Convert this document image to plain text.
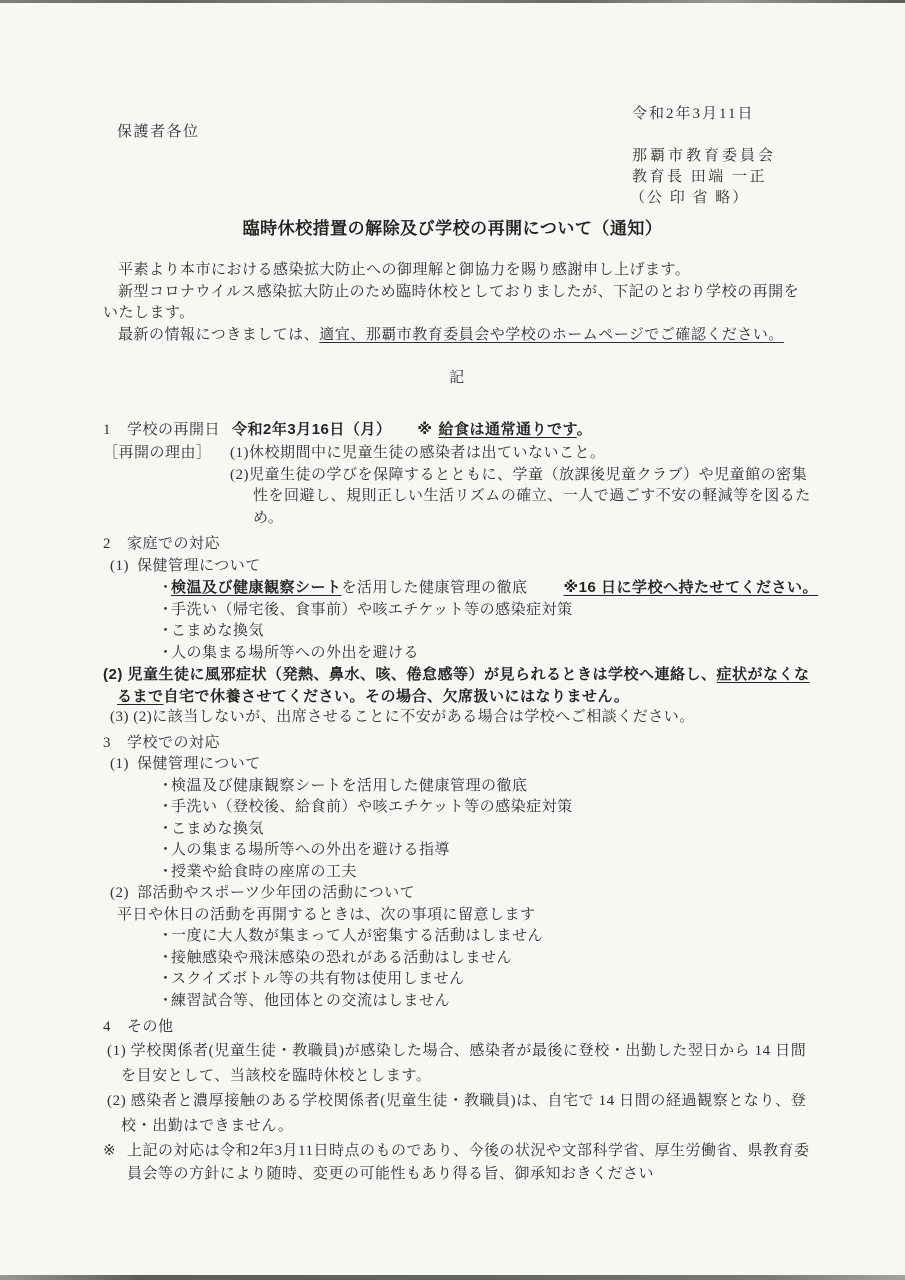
令和2年3月11日
保護者各位
那覇市教育委員会
教育長 田端 一正
（公 印 省 略）
臨時休校措置の解除及び学校の再開について（通知）
平素より本市における感染拡大防止への御理解と御協力を賜り感謝申し上げます。
新型コロナウイルス感染拡大防止のため臨時休校としておりましたが、下記のとおり学校の再開をいたします。
最新の情報につきましては、適宜、那覇市教育委員会や学校のホームページでご確認ください。
記
1 学校の再開日 令和2年3月16日（月） ※ 給食は通常通りです。
［再開の理由］	(1)休校期間中に児童生徒の感染者は出ていないこと。
(2)児童生徒の学びを保障するとともに、学童（放課後児童クラブ）や児童館の密集性を回避し、規則正しい生活リズムの確立、一人で過ごす不安の軽減等を図るため。
2	家庭での対応
(1) 保健管理について
・検温及び健康観察シートを活用した健康管理の徹底 ※16 日に学校へ持たせてください。
・手洗い（帰宅後、食事前）や咳エチケット等の感染症対策
・こまめな換気
・人の集まる場所等への外出を避ける
(2) 児童生徒に風邪症状（発熱、鼻水、咳、倦怠感等）が見られるときは学校へ連絡し、症状がなくなるまで自宅で休養させてください。その場合、欠席扱いにはなりません。
(3) (2)に該当しないが、出席させることに不安がある場合は学校へご相談ください。
3	学校での対応
(1) 保健管理について
・検温及び健康観察シートを活用した健康管理の徹底
・手洗い（登校後、給食前）や咳エチケット等の感染症対策
・こまめな換気
・人の集まる場所等への外出を避ける指導
・授業や給食時の座席の工夫
(2) 部活動やスポーツ少年団の活動について
平日や休日の活動を再開するときは、次の事項に留意します
・一度に大人数が集まって人が密集する活動はしません
・接触感染や飛沫感染の恐れがある活動はしません
・スクイズボトル等の共有物は使用しません
・練習試合等、他団体との交流はしません
4	その他
(1) 学校関係者(児童生徒・教職員)が感染した場合、感染者が最後に登校・出勤した翌日から 14 日間を目安として、当該校を臨時休校とします。
(2) 感染者と濃厚接触のある学校関係者(児童生徒・教職員)は、自宅で 14 日間の経過観察となり、登校・出勤はできません。
※ 上記の対応は令和2年3月11日時点のものであり、今後の状況や文部科学省、厚生労働省、県教育委員会等の方針により随時、変更の可能性もあり得る旨、御承知おきください
